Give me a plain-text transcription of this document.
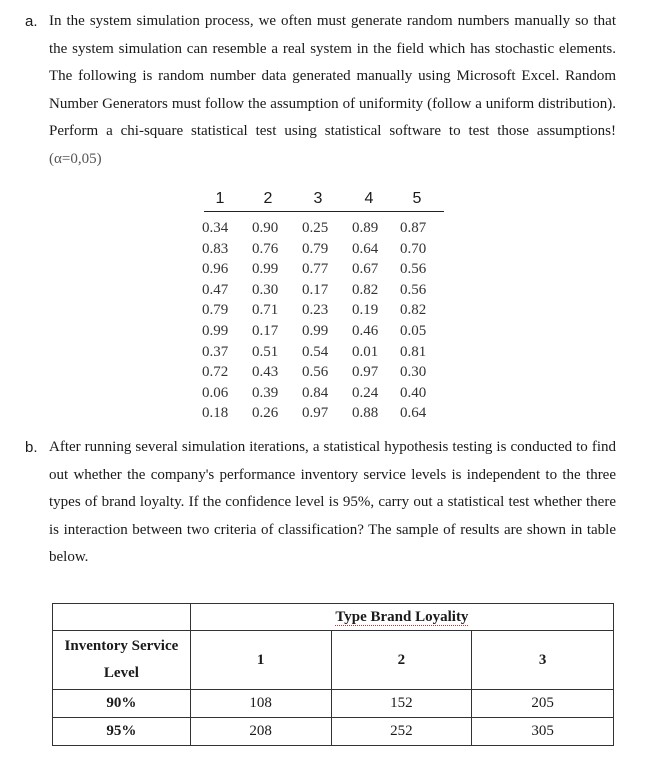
a. In the system simulation process, we often must generate random numbers manually so that the system simulation can resemble a real system in the field which has stochastic elements. The following is random number data generated manually using Microsoft Excel. Random Number Generators must follow the assumption of uniformity (follow a uniform distribution). Perform a chi-square statistical test using statistical software to test those assumptions! (α=0,05)
1	2	3	4	5
0.34	0.90	0.25	0.89	0.87
0.83	0.76	0.79	0.64	0.70
0.96	0.99	0.77	0.67	0.56
0.47	0.30	0.17	0.82	0.56
0.79	0.71	0.23	0.19	0.82
0.99	0.17	0.99	0.46	0.05
0.37	0.51	0.54	0.01	0.81
0.72	0.43	0.56	0.97	0.30
0.06	0.39	0.84	0.24	0.40
0.18	0.26	0.97	0.88	0.64
b. After running several simulation iterations, a statistical hypothesis testing is conducted to find out whether the company's performance inventory service levels is independent to the three types of brand loyalty. If the confidence level is 95%, carry out a statistical test whether there is interaction between two criteria of classification? The sample of results are shown in table below.
	Type Brand Loyality		
Inventory Service Level	1	2	3
90%	108	152	205
95%	208	252	305
